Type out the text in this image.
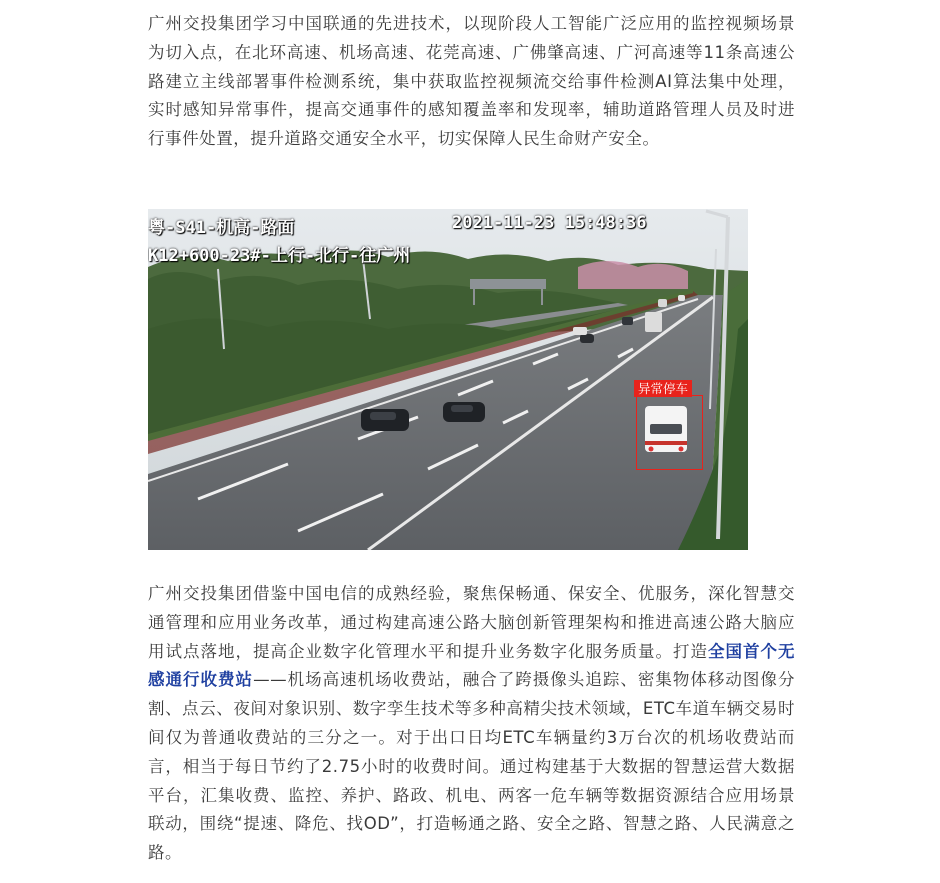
广州交投集团学习中国联通的先进技术，以现阶段人工智能广泛应用的监控视频场景为切入点，在北环高速、机场高速、花莞高速、广佛肇高速、广河高速等11条高速公路建立主线部署事件检测系统，集中获取监控视频流交给事件检测AI算法集中处理，实时感知异常事件，提高交通事件的感知覆盖率和发现率，辅助道路管理人员及时进行事件处置，提升道路交通安全水平，切实保障人民生命财产安全。

粤-S41-机高-路面
K12+600-23#-上行-北行-往广州
2021-11-23 15:48:36
异常停车

广州交投集团借鉴中国电信的成熟经验，聚焦保畅通、保安全、优服务，深化智慧交通管理和应用业务改革，通过构建高速公路大脑创新管理架构和推进高速公路大脑应用试点落地，提高企业数字化管理水平和提升业务数字化服务质量。打造全国首个无感通行收费站——机场高速机场收费站，融合了跨摄像头追踪、密集物体移动图像分割、点云、夜间对象识别、数字孪生技术等多种高精尖技术领域，ETC车道车辆交易时间仅为普通收费站的三分之一。对于出口日均ETC车辆量约3万台次的机场收费站而言，相当于每日节约了2.75小时的收费时间。通过构建基于大数据的智慧运营大数据平台，汇集收费、监控、养护、路政、机电、两客一危车辆等数据资源结合应用场景联动，围绕“提速、降危、找OD”，打造畅通之路、安全之路、智慧之路、人民满意之路。
